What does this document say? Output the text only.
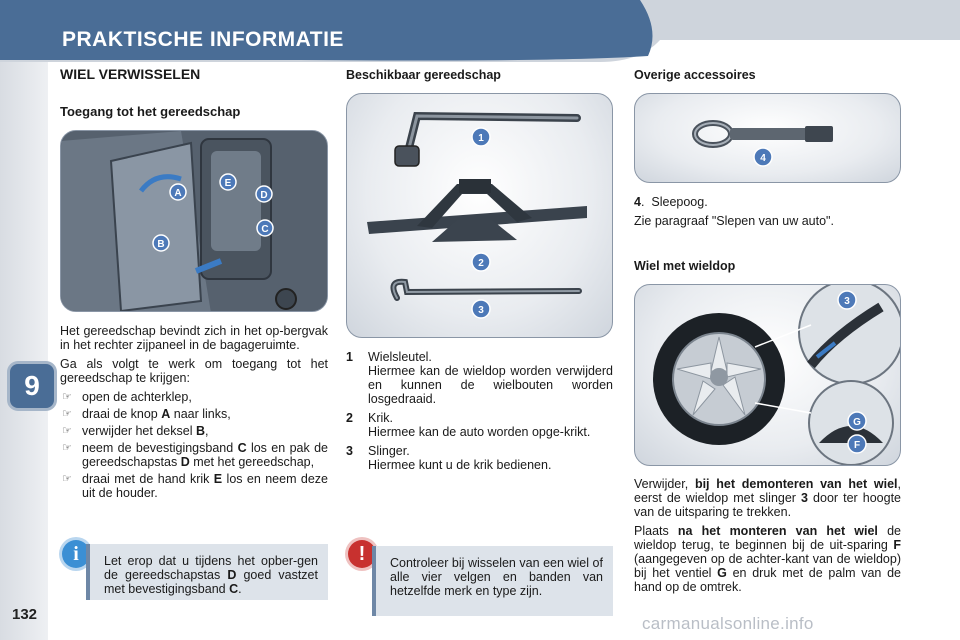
PRAKTISCHE INFORMATIE
9
132
WIEL VERWISSELEN
Toegang tot het gereedschap
A
E
D
C
B

Het gereedschap bevindt zich in het op-bergvak in het rechter zijpaneel in de bagageruimte.

Ga als volgt te werk om toegang tot het gereedschap te krijgen:

☞ open de achterklep,
☞ draai de knop A naar links,
☞ verwijder het deksel B,
☞ neem de bevestigingsband C los en pak de gereedschapstas D met het gereedschap,
☞ draai met de hand krik E los en neem deze uit de houder.
i	Let erop dat u tijdens het opber-gen de gereedschapstas D goed vastzet met bevestigingsband C.
Beschikbaar gereedschap
1
2
3
1	Wielsleutel.
Hiermee kan de wieldop worden verwijderd en kunnen de wielbouten worden losgedraaid.
2	Krik.
Hiermee kan de auto worden opge-krikt.
3	Slinger.
Hiermee kunt u de krik bedienen.
!	Controleer bij wisselen van een wiel of alle vier velgen en banden van hetzelfde merk en type zijn.
Overige accessoires
4

4.  Sleepoog.

Zie paragraaf "Slepen van uw auto".

Wiel met wieldop
3
G
F

Verwijder, bij het demonteren van het wiel, eerst de wieldop met slinger 3 door ter hoogte van de uitsparing te trekken.

Plaats na het monteren van het wiel de wieldop terug, te beginnen bij de uit-sparing F (aangegeven op de achter-kant van de wieldop) bij het ventiel G en druk met de palm van de hand op de omtrek.

carmanualsonline.info
